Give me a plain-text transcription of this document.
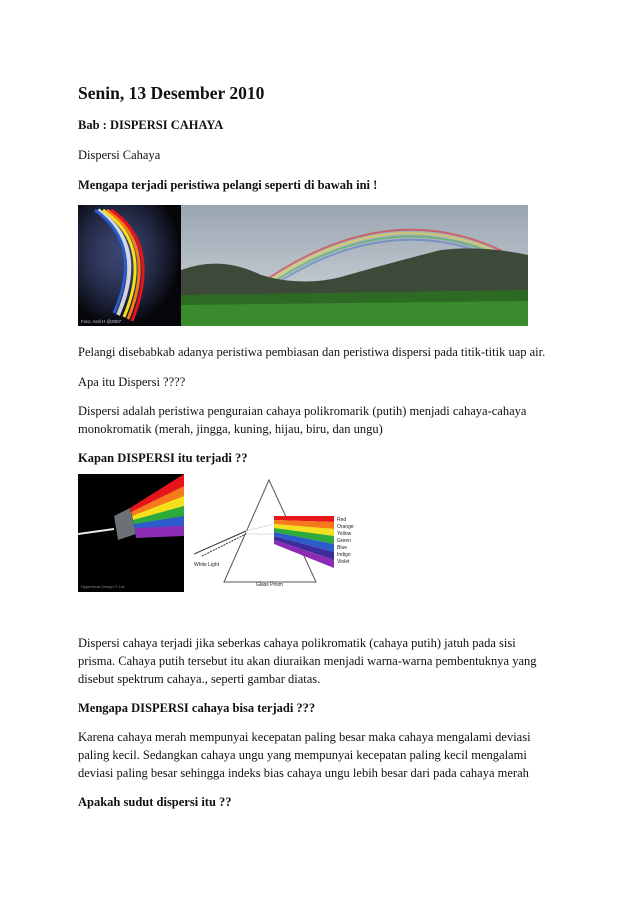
Senin, 13 Desember 2010
Bab : DISPERSI CAHAYA
Dispersi Cahaya
Mengapa terjadi peristiwa pelangi seperti di bawah ini !
Foto: Astil H @2007
Pelangi disebabkab adanya peristiwa pembiasan dan peristiwa dispersi pada titik-titik uap air.
Apa itu Dispersi ????
Dispersi adalah peristiwa penguraian cahaya polikromarik (putih) menjadi cahaya-cahaya
monokromatik (merah, jingga, kuning, hijau, biru, dan ungu)
Kapan DISPERSI itu terjadi ??
Hyperfocal Design © Ltd
Red
Orange
Yellow
Green
Blue
Indigo
Violet
White Light
Glass Prism
Dispersi cahaya terjadi jika seberkas cahaya polikromatik (cahaya putih) jatuh pada sisi
prisma. Cahaya putih tersebut itu akan diuraikan menjadi warna-warna pembentuknya yang
disebut spektrum cahaya., seperti gambar diatas.
Mengapa DISPERSI cahaya bisa terjadi ???
Karena cahaya merah mempunyai kecepatan paling besar maka cahaya mengalami deviasi
paling kecil. Sedangkan cahaya ungu yang mempunyai kecepatan paling kecil mengalami
deviasi paling besar sehingga indeks bias cahaya ungu lebih besar dari pada cahaya merah
Apakah sudut dispersi itu ??
